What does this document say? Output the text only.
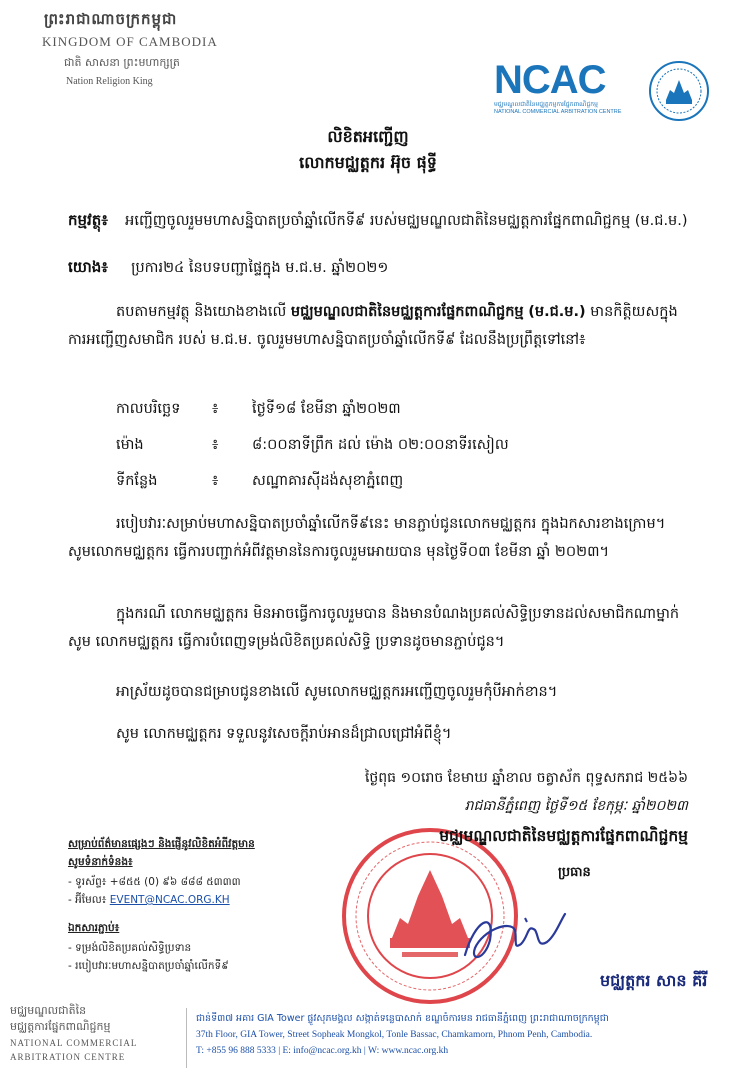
ព្រះរាជាណាចក្រកម្ពុជា
KINGDOM OF CAMBODIA
ជាតិ សាសនា ព្រះមហាក្សត្រ
Nation Religion King	NCAC
មជ្ឈមណ្ឌលជាតិនៃមជ្ឈត្តកម្មការផ្នែកពាណិជ្ជកម្ម
NATIONAL COMMERCIAL ARBITRATION CENTRE
លិខិតអញ្ជើញ
លោកមជ្ឈត្តករ អ៊ុច ផុទ្ធី
កម្មវត្ថុ៖ អញ្ជើញចូលរួមមហាសន្និបាតប្រចាំឆ្នាំលើកទី៩ របស់មជ្ឈមណ្ឌលជាតិនៃមជ្ឈត្តការផ្នែកពាណិជ្ជកម្ម (ម.ជ.ម.)
យោង៖ ប្រការ២៤ នៃបទបញ្ជាផ្ទៃក្នុង ម.ជ.ម. ឆ្នាំ២០២១
តបតាមកម្មវត្ថុ និងយោងខាងលើ មជ្ឈមណ្ឌលជាតិនៃមជ្ឈត្តការផ្នែកពាណិជ្ជកម្ម (ម.ជ.ម.) មានកិត្តិយសក្នុងការអញ្ជើញសមាជិក របស់ ម.ជ.ម. ចូលរួមមហាសន្និបាតប្រចាំឆ្នាំលើកទី៩ ដែលនឹងប្រព្រឹត្តទៅនៅ៖
កាលបរិច្ឆេទ ៖ ថ្ងៃទី១៨ ខែមីនា ឆ្នាំ២០២៣
ម៉ោង	៖ ៨:០០នាទីព្រឹក ដល់ ម៉ោង ០២:០០នាទីរសៀល
ទីកន្លែង	៖ សណ្ឋាគារស៊ីដង់សុខាភ្នំពេញ
របៀបវារៈសម្រាប់មហាសន្និបាតប្រចាំឆ្នាំលើកទី៩នេះ មានភ្ជាប់ជូនលោកមជ្ឈត្តករ ក្នុងឯកសារខាងក្រោម។ សូមលោកមជ្ឈត្តករ ធ្វើការបញ្ជាក់អំពីវត្តមាននៃការចូលរួមអោយបាន មុនថ្ងៃទី០៣ ខែមីនា ឆ្នាំ ២០២៣។
ក្នុងករណី លោកមជ្ឈត្តករ មិនអាចធ្វើការចូលរួមបាន និងមានបំណងប្រគល់សិទ្ធិប្រទានដល់សមាជិកណាម្នាក់ សូម លោកមជ្ឈត្តករ ធ្វើការបំពេញទម្រង់លិខិតប្រគល់សិទ្ធិ ប្រទានដូចមានភ្ជាប់ជូន។
អាស្រ័យដូចបានជម្រាបជូនខាងលើ សូមលោកមជ្ឈត្តករអញ្ជើញចូលរួមកុំបីអាក់ខាន។
សូម លោកមជ្ឈត្តករ ទទួលនូវសេចក្តីរាប់អានដ៏ជ្រាលជ្រៅអំពីខ្ញុំ។
ថ្ងៃពុធ ១០រោច ខែមាឃ ឆ្នាំខាល ចត្វាស័ក ពុទ្ធសករាជ ២៥៦៦
រាជធានីភ្នំពេញ ថ្ងៃទី១៥ ខែកុម្ភៈ ឆ្នាំ២០២៣
មជ្ឈមណ្ឌលជាតិនៃមជ្ឈត្តការផ្នែកពាណិជ្ជកម្ម
ប្រធាន
មជ្ឈត្តករ សាន គីរី
សម្រាប់ព័ត៌មានផ្សេងៗ និងផ្ញើនូវលិខិតអំពីវត្តមាន
សូមទំនាក់ទំនង៖
- ទូរស័ព្ទ៖ +៨៥៥ (0) ៩៦ ៨៨៨ ៥៣៣៣
- អ៊ីមែល៖ EVENT@NCAC.ORG.KH
ឯកសារភ្ជាប់៖
- ទម្រង់លិខិតប្រគល់សិទ្ធិប្រទាន
- របៀបវារៈមហាសន្និបាតប្រចាំឆ្នាំលើកទី៩
មជ្ឈមណ្ឌលជាតិនៃ
មជ្ឈត្តការផ្នែកពាណិជ្ជកម្ម
NATIONAL COMMERCIAL
ARBITRATION CENTRE
ជាន់ទី៣៧ អគារ GIA Tower ផ្លូវសុភមង្គល សង្កាត់ទន្លេបាសាក់ ខណ្ឌចំការមន រាជធានីភ្នំពេញ ព្រះរាជាណាចក្រកម្ពុជា
37th Floor, GIA Tower, Street Sopheak Mongkol, Tonle Bassac, Chamkamorn, Phnom Penh, Cambodia.
T: +855 96 888 5333 | E: info@ncac.org.kh | W: www.ncac.org.kh
